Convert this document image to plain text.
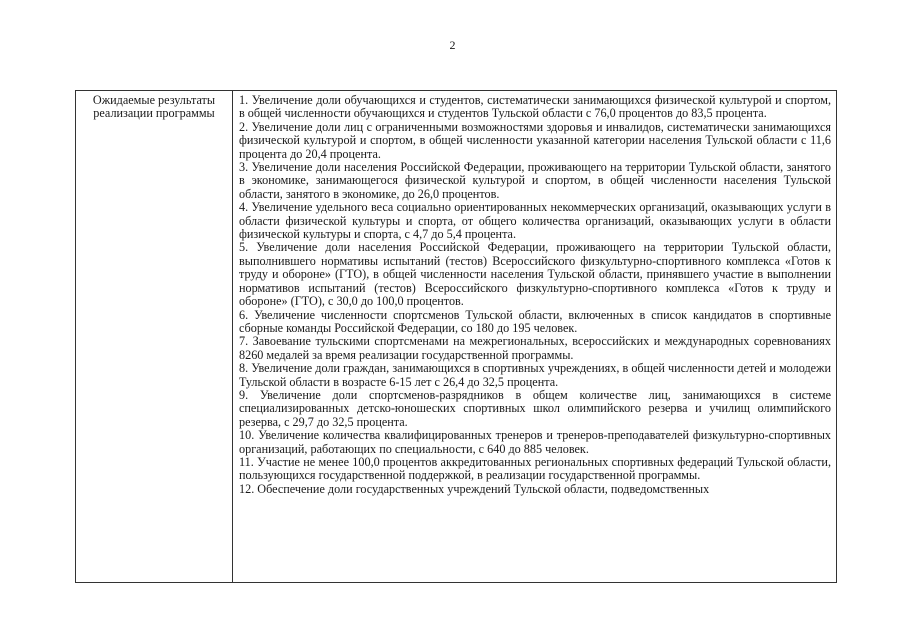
2
Ожидаемые результаты реализации программы

1. Увеличение доли обучающихся и студентов, систематически занимающихся физической культурой и спортом, в общей численности обучающихся и студентов Тульской области с 76,0 процентов до 83,5 процента.

2. Увеличение доли лиц с ограниченными возможностями здоровья и инвалидов, систематически занимающихся физической культурой и спортом, в общей численности указанной категории населения Тульской области с 11,6 процента до 20,4 процента.

3. Увеличение доли населения Российской Федерации, проживающего на территории Тульской области, занятого в экономике, занимающегося физической культурой и спортом, в общей численности населения Тульской области, занятого в экономике, до 26,0 процентов.

4. Увеличение удельного веса социально ориентированных некоммерческих организаций, оказывающих услуги в области физической культуры и спорта, от общего количества организаций, оказывающих услуги в области физической культуры и спорта, с 4,7 до 5,4 процента.

5. Увеличение доли населения Российской Федерации, проживающего на территории Тульской области, выполнившего нормативы испытаний (тестов) Всероссийского физкультурно-спортивного комплекса «Готов к труду и обороне» (ГТО), в общей численности населения Тульской области, принявшего участие в выполнении нормативов испытаний (тестов) Всероссийского физкультурно-спортивного комплекса «Готов к труду и обороне» (ГТО), с 30,0 до 100,0 процентов.

6. Увеличение численности спортсменов Тульской области, включенных в список кандидатов в спортивные сборные команды Российской Федерации, со 180 до 195 человек.

7. Завоевание тульскими спортсменами на межрегиональных, всероссийских и международных соревнованиях 8260 медалей за время реализации государственной программы.

8. Увеличение доли граждан, занимающихся в спортивных учреждениях, в общей численности детей и молодежи Тульской области в возрасте 6-15 лет с 26,4 до 32,5 процента.

9. Увеличение доли спортсменов-разрядников в общем количестве лиц, занимающихся в системе специализированных детско-юношеских спортивных школ олимпийского резерва и училищ олимпийского резерва, с 29,7 до 32,5 процента.

10. Увеличение количества квалифицированных тренеров и тренеров-преподавателей физкультурно-спортивных организаций, работающих по специальности, с 640 до 885 человек.

11. Участие не менее 100,0 процентов аккредитованных региональных спортивных федераций Тульской области, пользующихся государственной поддержкой, в реализации государственной программы.

12. Обеспечение доли государственных учреждений Тульской области, подведомственных
